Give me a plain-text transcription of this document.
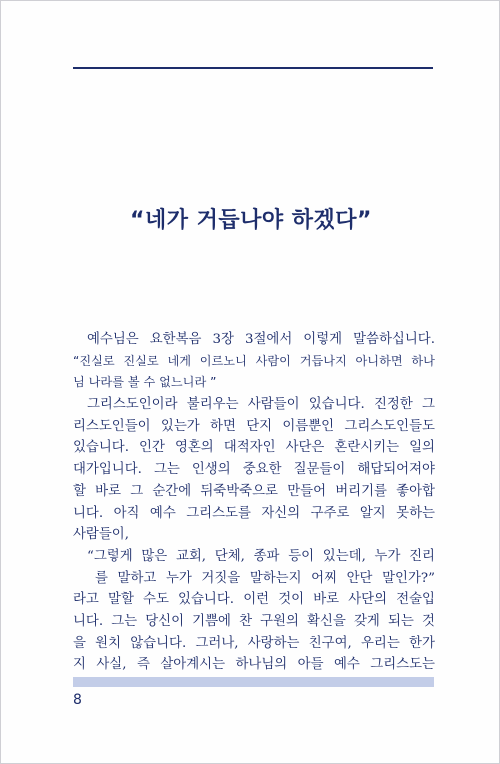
“네가 거듭나야 하겠다”
예수님은 요한복음 3장 3절에서 이렇게 말씀하십니다.
“진실로 진실로 네게 이르노니 사람이 거듭나지 아니하면 하나
님 나라를 볼 수 없느니라 ”
그리스도인이라 불리우는 사람들이 있습니다. 진정한 그
리스도인들이 있는가 하면 단지 이름뿐인 그리스도인들도
있습니다. 인간 영혼의 대적자인 사단은 혼란시키는 일의
대가입니다. 그는 인생의 중요한 질문들이 해답되어져야
할 바로 그 순간에 뒤죽박죽으로 만들어 버리기를 좋아합
니다. 아직 예수 그리스도를 자신의 구주로 알지 못하는
사람들이,
“그렇게 많은 교회, 단체, 종파 등이 있는데, 누가 진리
를 말하고 누가 거짓을 말하는지 어찌 안단 말인가?”
라고 말할 수도 있습니다. 이런 것이 바로 사단의 전술입
니다. 그는 당신이 기쁨에 찬 구원의 확신을 갖게 되는 것
을 원치 않습니다. 그러나, 사랑하는 친구여, 우리는 한가
지 사실, 즉 살아계시는 하나님의 아들 예수 그리스도는
8
